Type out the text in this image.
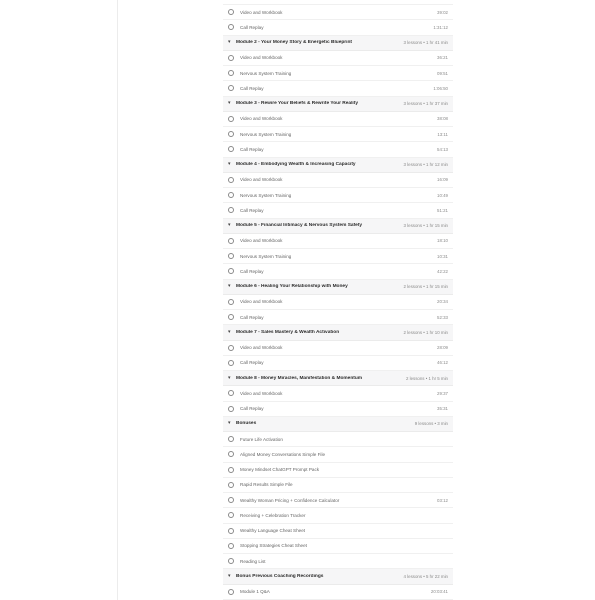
Video and Workbook	39:02
Call Replay	1:31:12
▾	Module 2 - Your Money Story & Energetic Blueprint	3 lessons • 1 hr 41 min
Video and Workbook	36:21
Nervous System Training	09:51
Call Replay	1:06:50
▾	Module 3 - Rewire Your Beliefs & Rewrite Your Reality	3 lessons • 1 hr 37 min
Video and Workbook	38:08
Nervous System Training	13:11
Call Replay	54:13
▾	Module 4 - Embodying Wealth & Increasing Capacity	3 lessons • 1 hr 12 min
Video and Workbook	16:09
Nervous System Training	10:49
Call Replay	51:21
▾	Module 5 - Financial Intimacy & Nervous System Safety	3 lessons • 1 hr 15 min
Video and Workbook	18:10
Nervous System Training	10:31
Call Replay	42:22
▾	Module 6 - Healing Your Relationship with Money	2 lessons • 1 hr 15 min
Video and Workbook	20:34
Call Replay	52:33
▾	Module 7 - Sales Mastery & Wealth Activation	2 lessons • 1 hr 10 min
Video and Workbook	28:09
Call Replay	46:12
▾	Module 8 - Money Miracles, Manifestation & Momentum	2 lessons • 1 hr 5 min
Video and Workbook	29:37
Call Replay	35:31
▾	Bonuses	9 lessons • 3 min
Future Life Activation
Aligned Money Conversations Simple File
Money Mindset ChatGPT Prompt Pack
Rapid Results Simple File
Wealthy Woman Pricing + Confidence Calculator	03:12
Receiving + Celebration Tracker
Wealthy Language Cheat Sheet
Stopping Strategies Cheat Sheet
Reading List
▾	Bonus Previous Coaching Recordings	4 lessons • 5 hr 22 min
Module 1 Q&A	20:03:41
